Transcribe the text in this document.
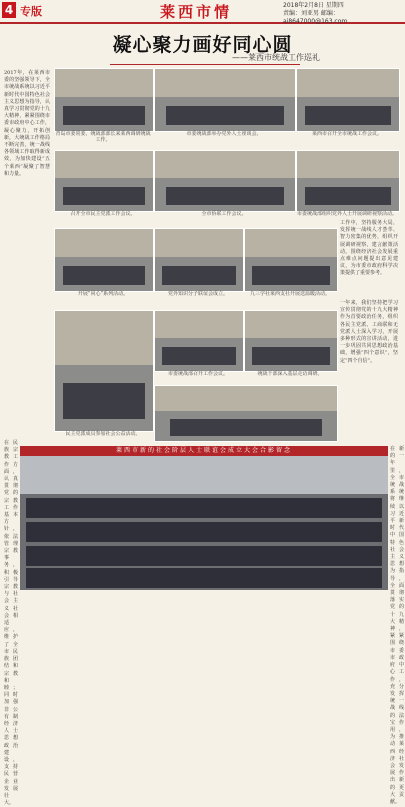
4 专版	莱西市情	2018年2月8日 星期四
责编：刘亚男 邮编：ai8647000@163.com
凝心聚力画好同心圆
——莱西市统战工作巡礼
2017年，在莱西市委的坚强领导下，全市统战系统以习近平新时代中国特色社会主义思想为指导，认真学习贯彻党的十九大精神，紧紧围绕市委市政府中心工作，凝心聚力，开拓创新，大统战工作格局不断完善，统一战线各领域工作取得新成效，为加快建设“五个莱西”凝聚了智慧和力量。
一年来，我们坚持把学习宣传贯彻党的十九大精神作为首要政治任务，组织各民主党派、工商联和无党派人士深入学习，开展多种形式的宣讲活动，进一步巩固共同思想政治基础，增强“四个意识”，坚定“四个自信”。
工作中，坚持服务大局，发挥统一战线人才荟萃、智力密集的优势，组织开展调研视察、建言献策活动，围绕经济社会发展重点难点问题提出意见建议，为市委市政府科学决策提供了重要参考。
在民族宗教工作方面，认真贯彻党的宗教工作基本方针，依法管理宗教事务，积极引导宗教与社会主义社会相适应，维护了全市民族团结和宗教和睦；同时加强非公有制经济人士思想政治建设，支持民营企业发展壮大。
在新的一年里，全市统战系统将继续以习近平新时代中国特色社会主义思想为指导，全面贯彻落实党的十九大精神，紧紧围绕市委市政府中心工作，充分发挥统一战线的法宝作用，为推动莱西经济社会发展作出新的更大贡献。
青岛市委常委、统战部部长来莱西调研统战工作。
市委统战部举办党外人士座谈会。	莱西市召开全市统战工作会议。
召开全市民主党派工作会议。	全市侨联工作会议。	市委统战部组织党外人士开展调研视察活动。
开展“同心”系列活动。	党外知识分子联谊会成立。	九三学社莱西支社开展送温暖活动。
民主党派成员参加社会公益活动。
市委统战部召开工作会议。	统战干部深入基层走访调研。
莱西市新的社会阶层人士联谊会成立大会合影留念
